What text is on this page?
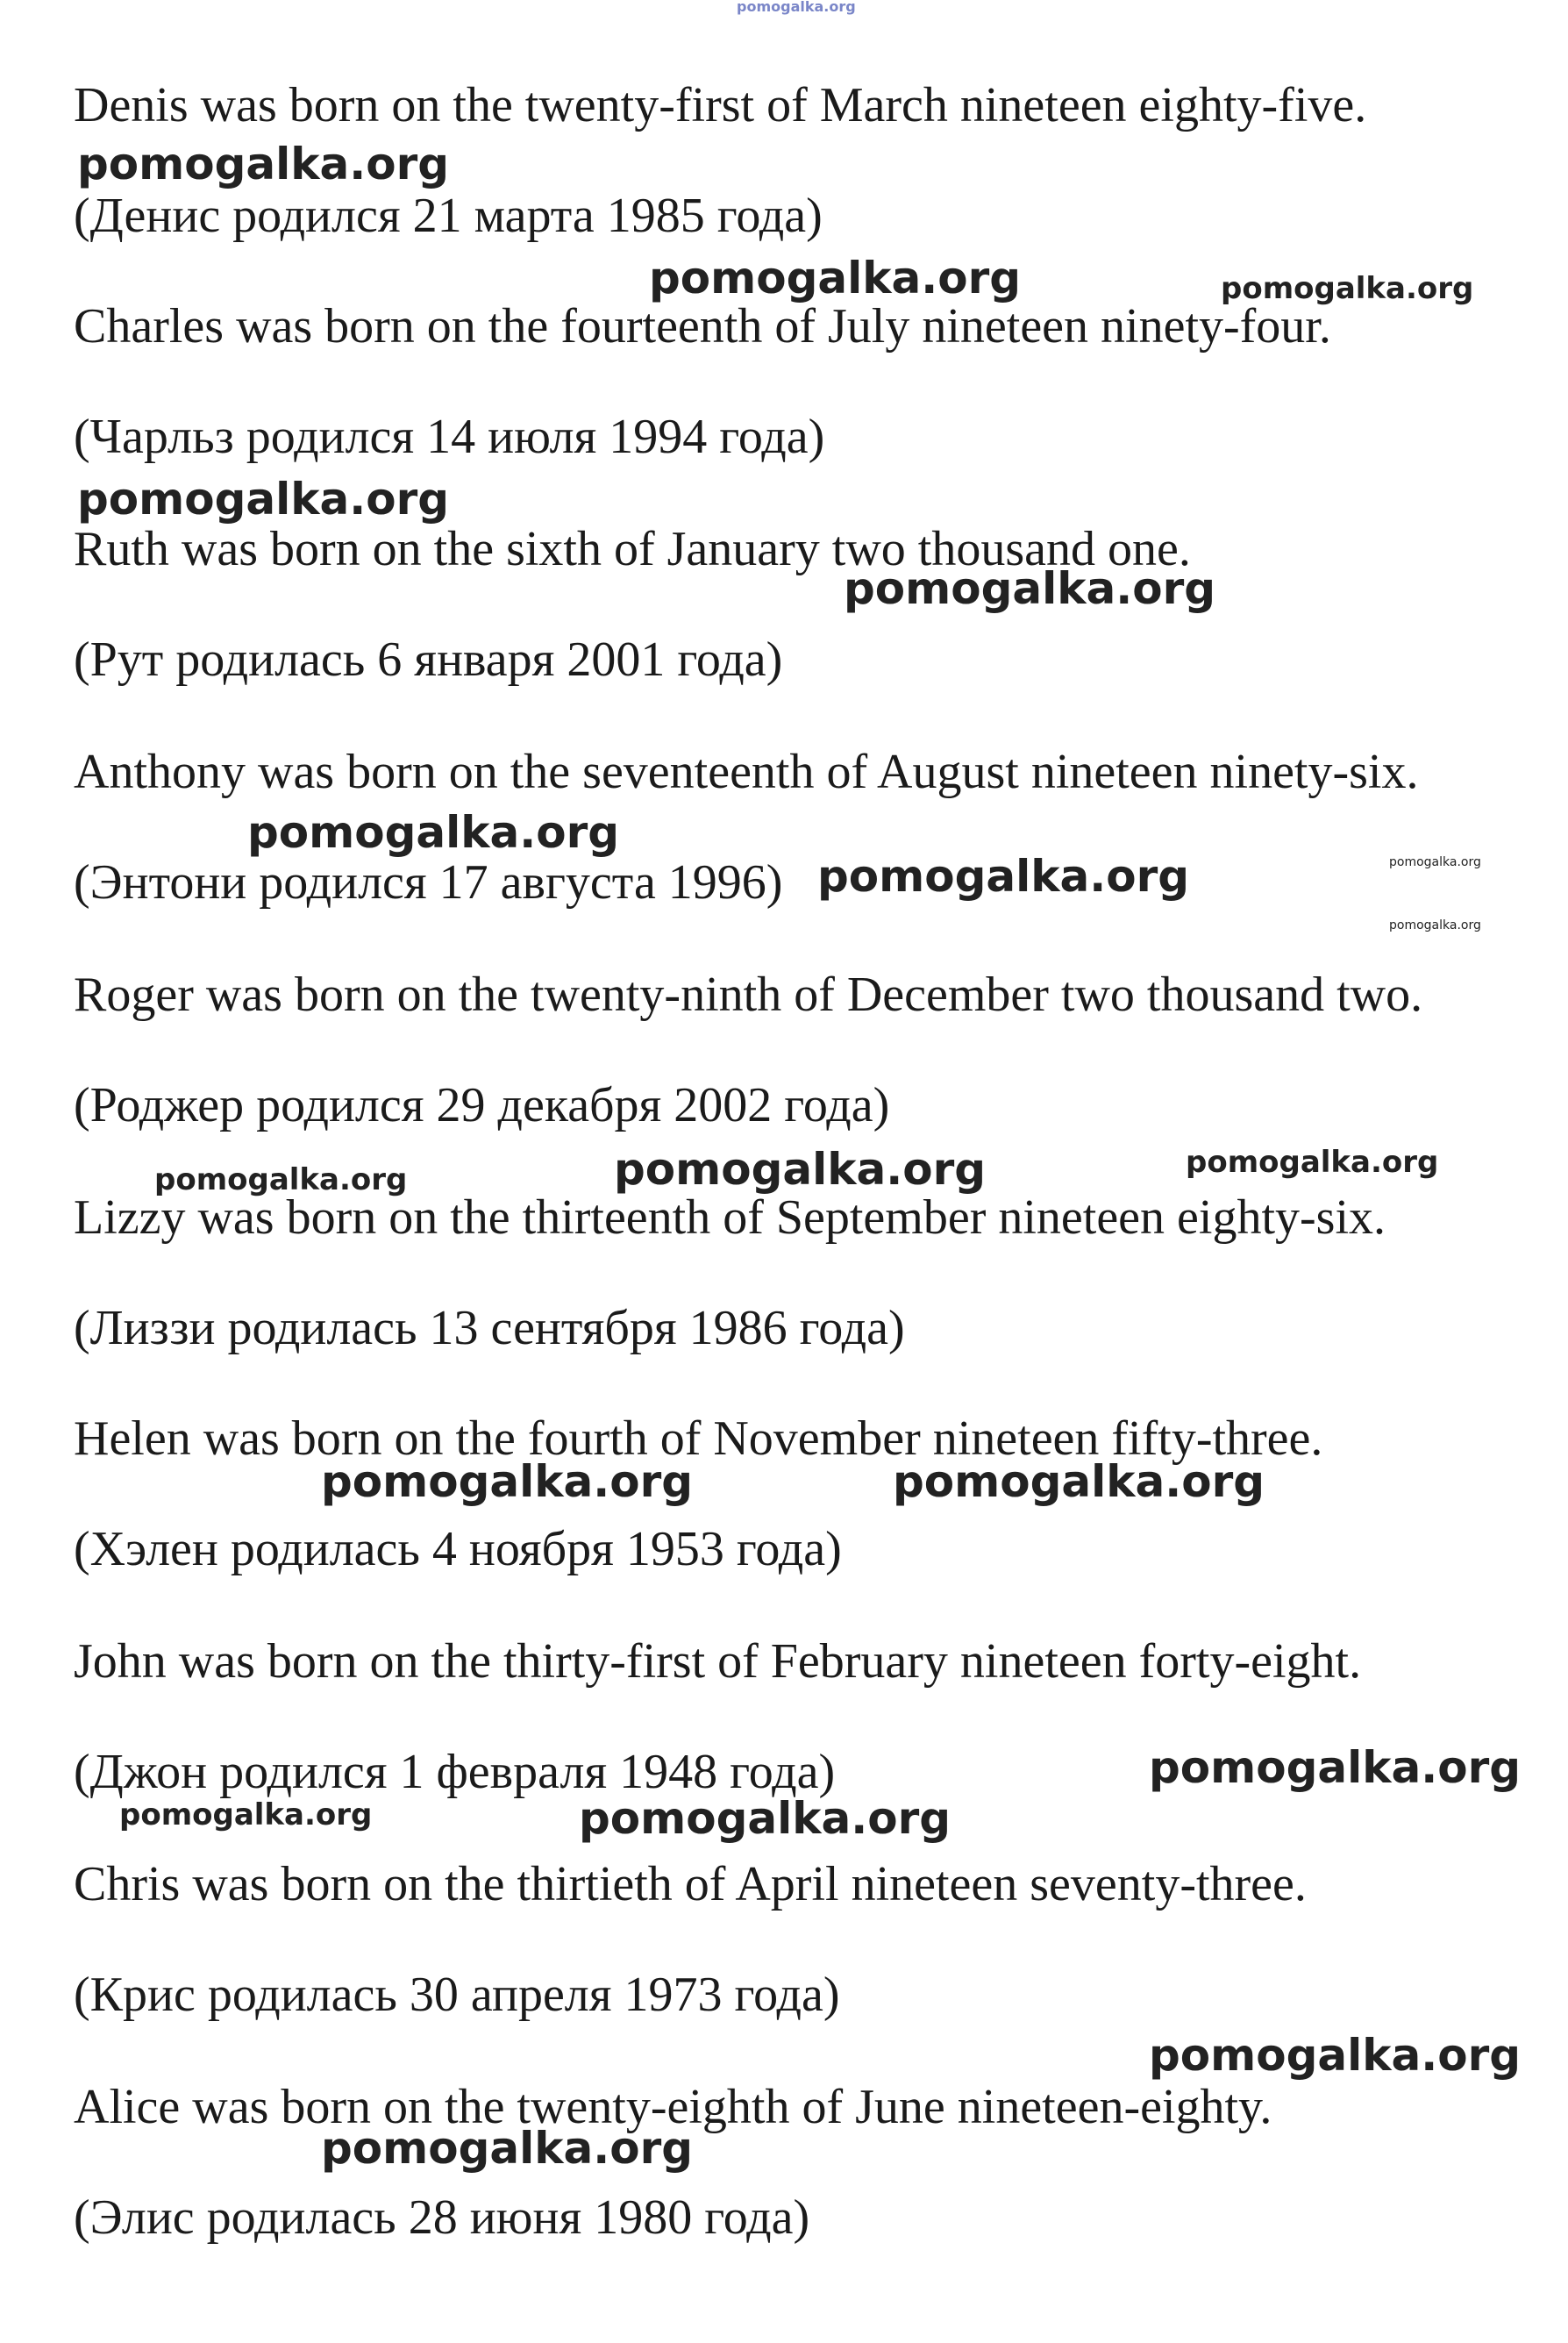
pomogalka.org
Denis was born on the twenty-first of March nineteen eighty-five.
pomogalka.org
(Денис родился 21 марта 1985 года)
pomogalka.org	pomogalka.org
Charles was born on the fourteenth of July nineteen ninety-four.
(Чарльз родился 14 июля 1994 года)
pomogalka.org
Ruth was born on the sixth of January two thousand one.
pomogalka.org
(Рут родилась 6 января 2001 года)
Anthony was born on the seventeenth of August nineteen ninety-six.
pomogalka.org
(Энтони родился 17 августа 1996) pomogalka.org	pomogalka.org
pomogalka.org
Roger was born on the twenty-ninth of December two thousand two.
(Роджер родился 29 декабря 2002 года)
pomogalka.org	pomogalka.org	pomogalka.org
Lizzy was born on the thirteenth of September nineteen eighty-six.
(Лиззи родилась 13 сентября 1986 года)
Helen was born on the fourth of November nineteen fifty-three.
pomogalka.org	pomogalka.org
(Хэлен родилась 4 ноября 1953 года)
John was born on the thirty-first of February nineteen forty-eight.
(Джон родился 1 февраля 1948 года)	pomogalka.org
pomogalka.org	pomogalka.org
Chris was born on the thirtieth of April nineteen seventy-three.
(Крис родилась 30 апреля 1973 года)
pomogalka.org
Alice was born on the twenty-eighth of June nineteen-eighty.
pomogalka.org
(Элис родилась 28 июня 1980 года)
